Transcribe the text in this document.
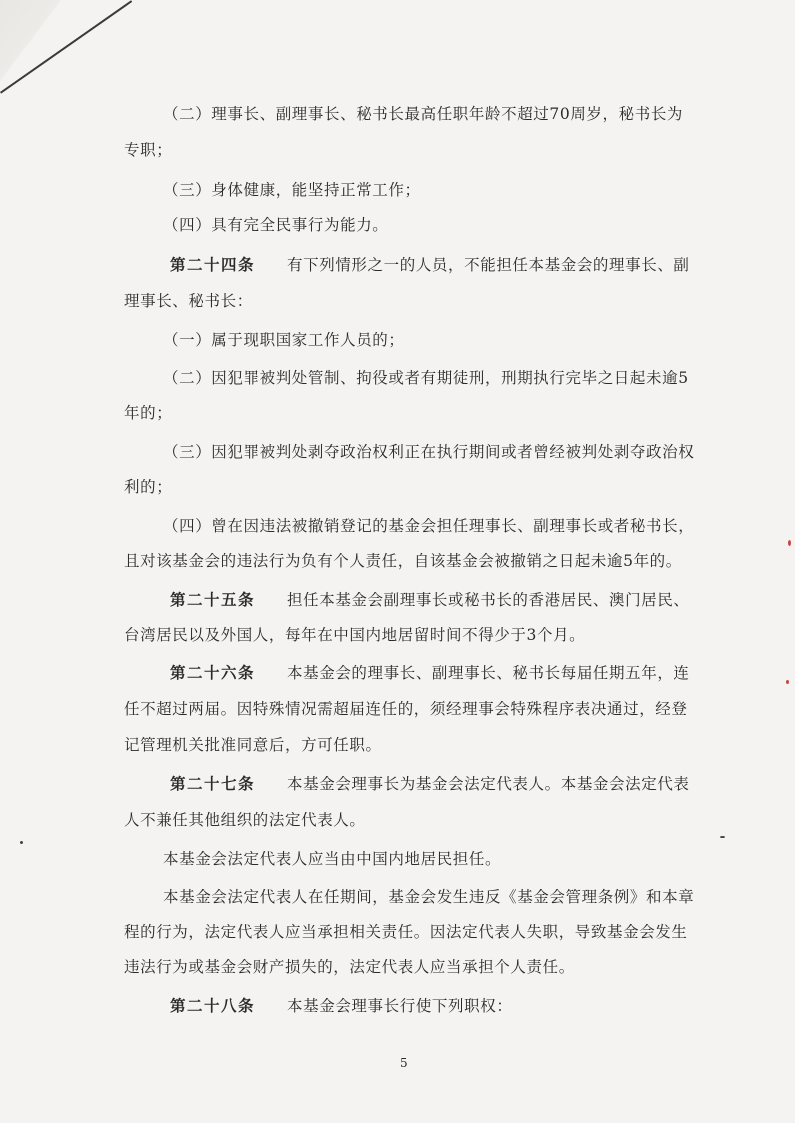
（二）理事长、副理事长、秘书长最高任职年龄不超过70周岁，秘书长为
专职；
（三）身体健康，能坚持正常工作；
（四）具有完全民事行为能力。
第二十四条 有下列情形之一的人员，不能担任本基金会的理事长、副
理事长、秘书长：
（一）属于现职国家工作人员的；
（二）因犯罪被判处管制、拘役或者有期徒刑，刑期执行完毕之日起未逾5
年的；
（三）因犯罪被判处剥夺政治权利正在执行期间或者曾经被判处剥夺政治权
利的；
（四）曾在因违法被撤销登记的基金会担任理事长、副理事长或者秘书长，
且对该基金会的违法行为负有个人责任，自该基金会被撤销之日起未逾5年的。
第二十五条 担任本基金会副理事长或秘书长的香港居民、澳门居民、
台湾居民以及外国人，每年在中国内地居留时间不得少于3个月。
第二十六条 本基金会的理事长、副理事长、秘书长每届任期五年，连
任不超过两届。因特殊情况需超届连任的，须经理事会特殊程序表决通过，经登
记管理机关批准同意后，方可任职。
第二十七条 本基金会理事长为基金会法定代表人。本基金会法定代表
人不兼任其他组织的法定代表人。
本基金会法定代表人应当由中国内地居民担任。
本基金会法定代表人在任期间，基金会发生违反《基金会管理条例》和本章
程的行为，法定代表人应当承担相关责任。因法定代表人失职，导致基金会发生
违法行为或基金会财产损失的，法定代表人应当承担个人责任。
第二十八条 本基金会理事长行使下列职权：
5
